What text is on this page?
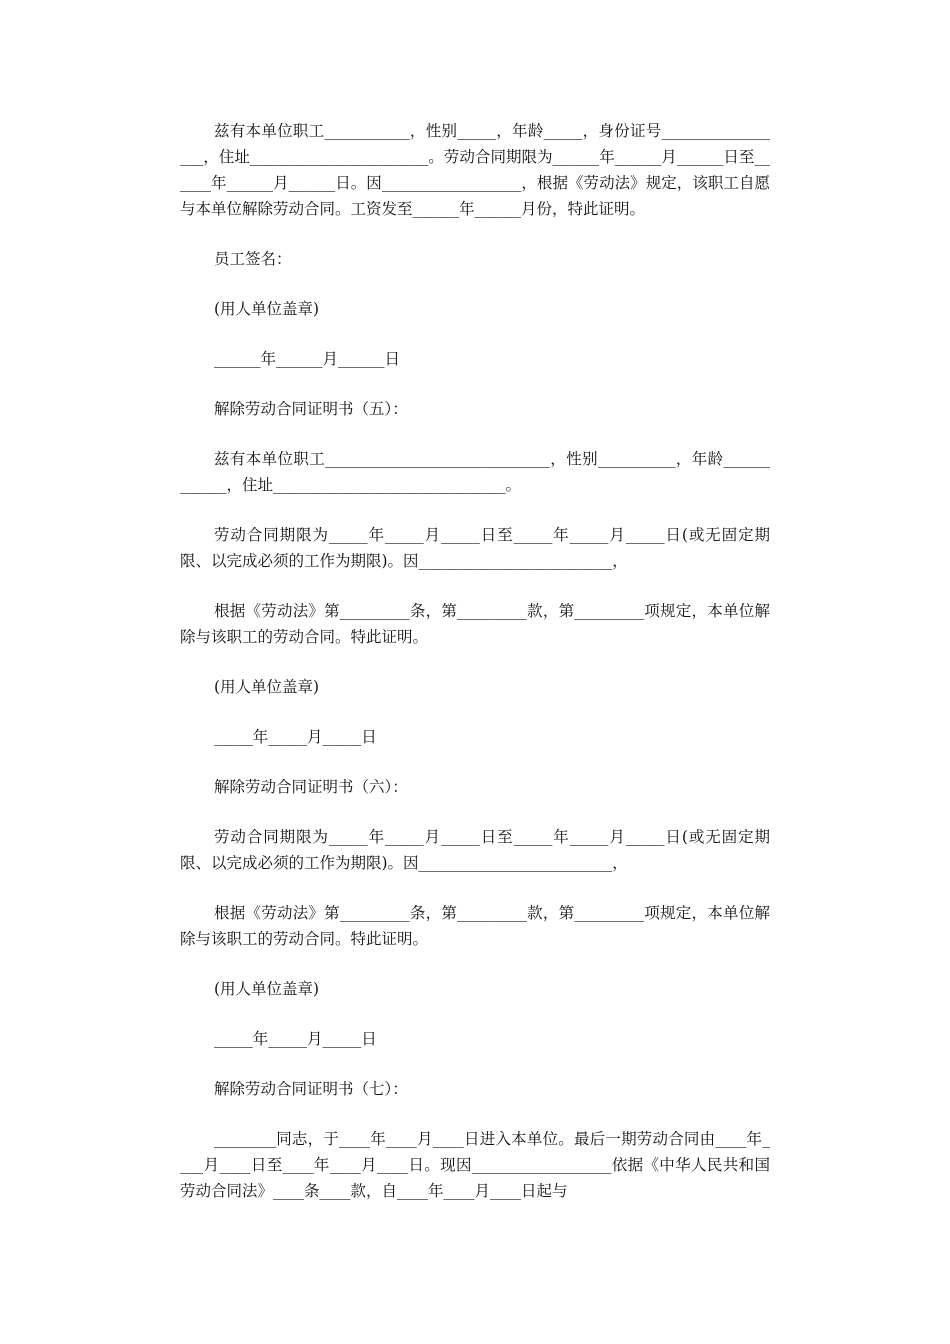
兹有本单位职工___________，性别_____，年龄_____，身份证号_________________，住址_______________________。劳动合同期限为______年______月______日至______年______月______日。因__________________，根据《劳动法》规定，该职工自愿与本单位解除劳动合同。工资发至______年______月份，特此证明。

员工签名：

(用人单位盖章)

______年______月______日

解除劳动合同证明书（五）：

兹有本单位职工_____________________________，性别__________，年龄____________，住址______________________________。

劳动合同期限为_____年_____月_____日至_____年_____月_____日(或无固定期限、以完成必须的工作为期限)。因_________________________，

根据《劳动法》第_________条，第_________款，第_________项规定，本单位解除与该职工的劳动合同。特此证明。

(用人单位盖章)

_____年_____月_____日

解除劳动合同证明书（六）：

劳动合同期限为_____年_____月_____日至_____年_____月_____日(或无固定期限、以完成必须的工作为期限)。因_________________________，

根据《劳动法》第_________条，第_________款，第_________项规定，本单位解除与该职工的劳动合同。特此证明。

(用人单位盖章)

_____年_____月_____日

解除劳动合同证明书（七）：

________同志，于____年____月____日进入本单位。最后一期劳动合同由____年____月____日至____年____月____日。现因__________________依据《中华人民共和国劳动合同法》____条____款，自____年____月____日起与
